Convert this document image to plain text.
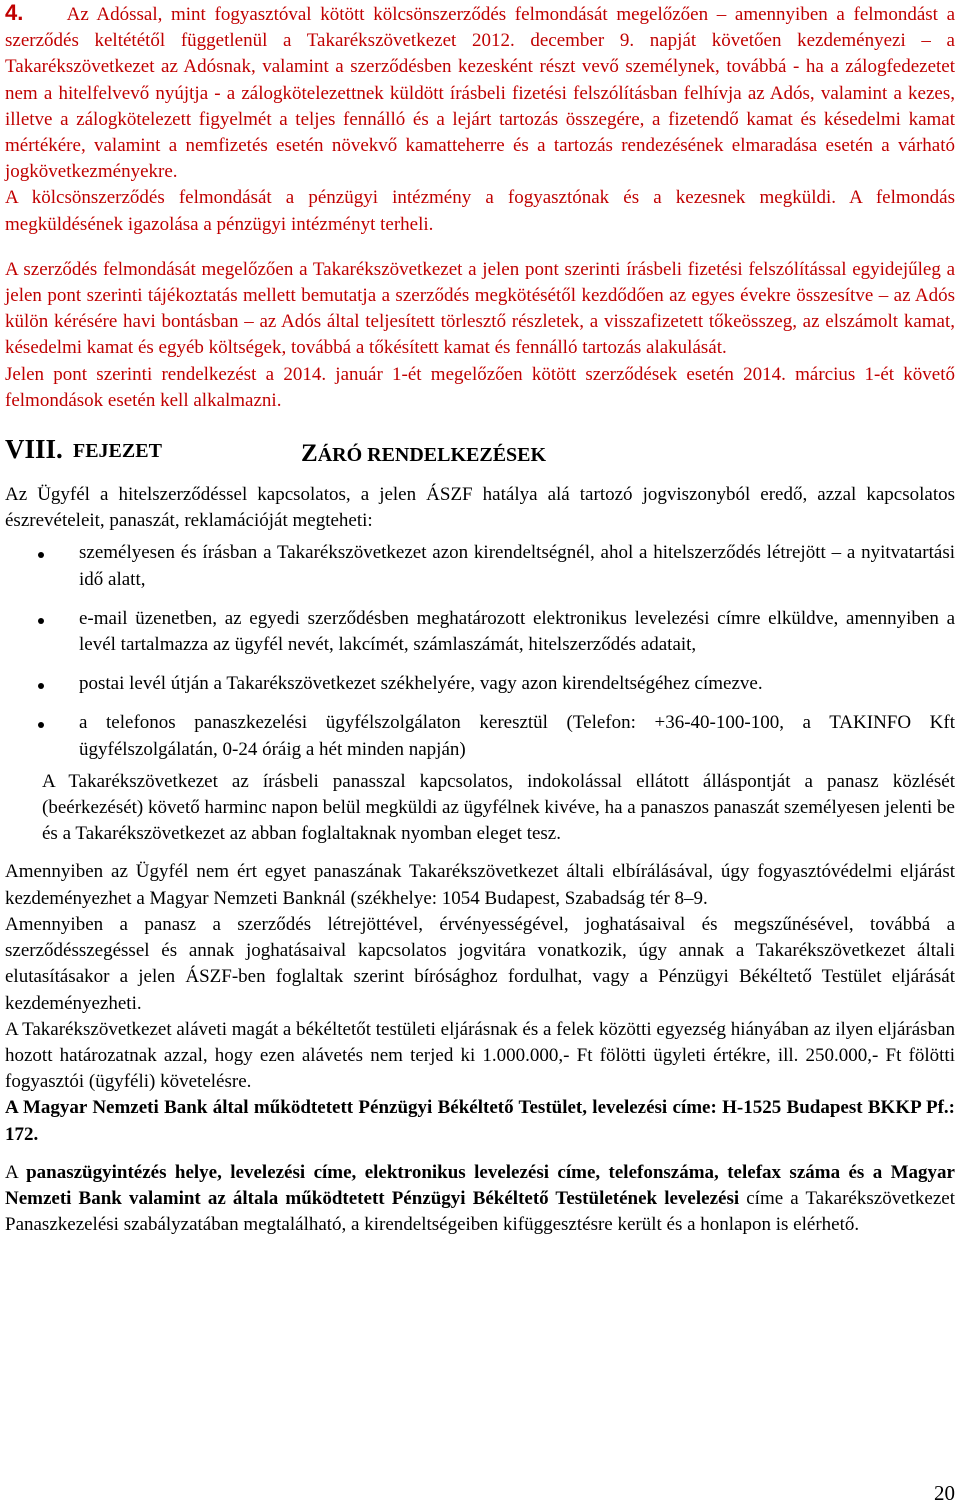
4. Az Adóssal, mint fogyasztóval kötött kölcsönszerződés felmondását megelőzően – amennyiben a felmondást a szerződés keltététől függetlenül a Takarékszövetkezet 2012. december 9. napját követően kezdeményezi – a Takarékszövetkezet az Adósnak, valamint a szerződésben kezesként részt vevő személynek, továbbá - ha a zálogfedezetet nem a hitelfelvevő nyújtja - a zálogkötelezettnek küldött írásbeli fizetési felszólításban felhívja az Adós, valamint a kezes, illetve a zálogkötelezett figyelmét a teljes fennálló és a lejárt tartozás összegére, a fizetendő kamat és késedelmi kamat mértékére, valamint a nemfizetés esetén növekvő kamatteherre és a tartozás rendezésének elmaradása esetén a várható jogkövetkezményekre.

A kölcsönszerződés felmondását a pénzügyi intézmény a fogyasztónak és a kezesnek megküldi. A felmondás megküldésének igazolása a pénzügyi intézményt terheli.

A szerződés felmondását megelőzően a Takarékszövetkezet a jelen pont szerinti írásbeli fizetési felszólítással egyidejűleg a jelen pont szerinti tájékoztatás mellett bemutatja a szerződés megkötésétől kezdődően az egyes évekre összesítve – az Adós külön kérésére havi bontásban – az Adós által teljesített törlesztő részletek, a visszafizetett tőkeösszeg, az elszámolt kamat, késedelmi kamat és egyéb költségek, továbbá a tőkésített kamat és fennálló tartozás alakulását.

Jelen pont szerinti rendelkezést a 2014. január 1-ét megelőzően kötött szerződések esetén 2014. március 1-ét követő felmondások esetén kell alkalmazni.

VIII. FEJEZET	ZÁRÓ RENDELKEZÉSEK

Az Ügyfél a hitelszerződéssel kapcsolatos, a jelen ÁSZF hatálya alá tartozó jogviszonyból eredő, azzal kapcsolatos észrevételeit, panaszát, reklamációját megteheti:

személyesen és írásban a Takarékszövetkezet azon kirendeltségnél, ahol a hitelszerződés létrejött – a nyitvatartási idő alatt,
e-mail üzenetben, az egyedi szerződésben meghatározott elektronikus levelezési címre elküldve, amennyiben a levél tartalmazza az ügyfél nevét, lakcímét, számlaszámát, hitelszerződés adatait,
postai levél útján a Takarékszövetkezet székhelyére, vagy azon kirendeltségéhez címezve.
a telefonos panaszkezelési ügyfélszolgálaton keresztül (Telefon: +36-40-100-100, a TAKINFO Kft ügyfélszolgálatán, 0-24 óráig a hét minden napján)

A Takarékszövetkezet az írásbeli panasszal kapcsolatos, indokolással ellátott álláspontját a panasz közlését (beérkezését) követő harminc napon belül megküldi az ügyfélnek kivéve, ha a panaszos panaszát személyesen jelenti be és a Takarékszövetkezet az abban foglaltaknak nyomban eleget tesz.

Amennyiben az Ügyfél nem ért egyet panaszának Takarékszövetkezet általi elbírálásával, úgy fogyasztóvédelmi eljárást kezdeményezhet a Magyar Nemzeti Banknál (székhelye: 1054 Budapest, Szabadság tér 8–9.

Amennyiben a panasz a szerződés létrejöttével, érvényességével, joghatásaival és megszűnésével, továbbá a szerződésszegéssel és annak joghatásaival kapcsolatos jogvitára vonatkozik, úgy annak a Takarékszövetkezet általi elutasításakor a jelen ÁSZF-ben foglaltak szerint bírósághoz fordulhat, vagy a Pénzügyi Békéltető Testület eljárását kezdeményezheti.

A Takarékszövetkezet aláveti magát a békéltetőt testületi eljárásnak és a felek közötti egyezség hiányában az ilyen eljárásban hozott határozatnak azzal, hogy ezen alávetés nem terjed ki 1.000.000,- Ft fölötti ügyleti értékre, ill. 250.000,- Ft fölötti fogyasztói (ügyféli) követelésre.

A Magyar Nemzeti Bank által működtetett Pénzügyi Békéltető Testület, levelezési címe: H-1525 Budapest BKKP Pf.: 172.

A panaszügyintézés helye, levelezési címe, elektronikus levelezési címe, telefonszáma, telefax száma és a Magyar Nemzeti Bank valamint az általa működtetett Pénzügyi Békéltető Testületének levelezési címe a Takarékszövetkezet Panaszkezelési szabályzatában megtalálható, a kirendeltségeiben kifüggesztésre került és a honlapon is elérhető.

20
